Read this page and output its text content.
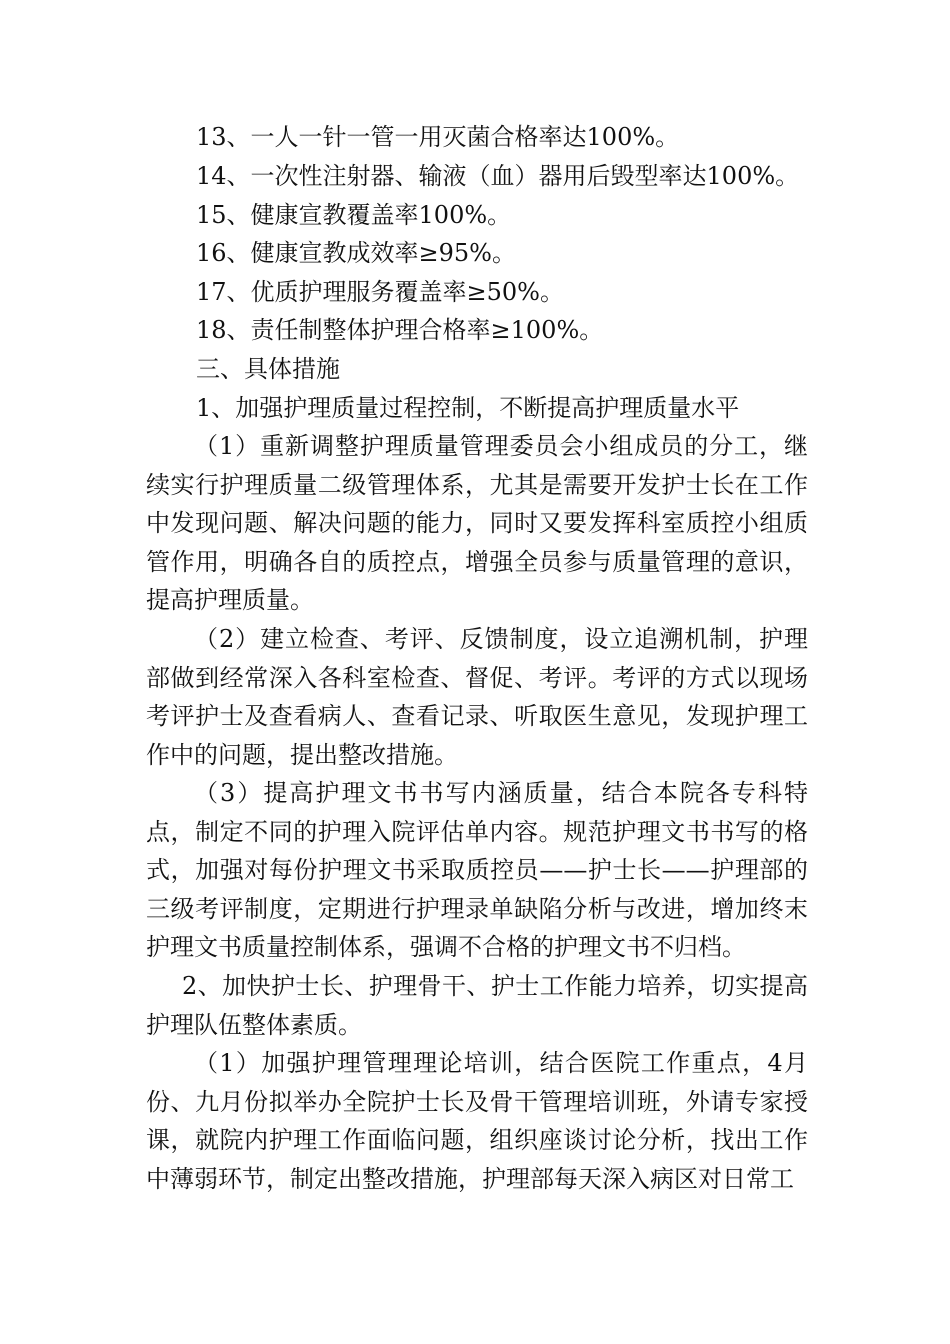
13、一人一针一管一用灭菌合格率达100%。
14、一次性注射器、输液（血）器用后毁型率达100%。
15、健康宣教覆盖率100%。
16、健康宣教成效率≥95%。
17、优质护理服务覆盖率≥50%。
18、责任制整体护理合格率≥100%。
三、具体措施
1、加强护理质量过程控制，不断提高护理质量水平
（1）重新调整护理质量管理委员会小组成员的分工，继续实行护理质量二级管理体系，尤其是需要开发护士长在工作中发现问题、解决问题的能力，同时又要发挥科室质控小组质管作用，明确各自的质控点，增强全员参与质量管理的意识，提高护理质量。
（2）建立检查、考评、反馈制度，设立追溯机制，护理部做到经常深入各科室检查、督促、考评。考评的方式以现场考评护士及查看病人、查看记录、听取医生意见，发现护理工作中的问题，提出整改措施。
（3）提高护理文书书写内涵质量，结合本院各专科特点，制定不同的护理入院评估单内容。规范护理文书书写的格式，加强对每份护理文书采取质控员——护士长——护理部的三级考评制度，定期进行护理录单缺陷分析与改进，增加终末护理文书质量控制体系，强调不合格的护理文书不归档。
2、加快护士长、护理骨干、护士工作能力培养，切实提高护理队伍整体素质。
（1）加强护理管理理论培训，结合医院工作重点，4月份、九月份拟举办全院护士长及骨干管理培训班，外请专家授课，就院内护理工作面临问题，组织座谈讨论分析，找出工作中薄弱环节，制定出整改措施，护理部每天深入病区对日常工
